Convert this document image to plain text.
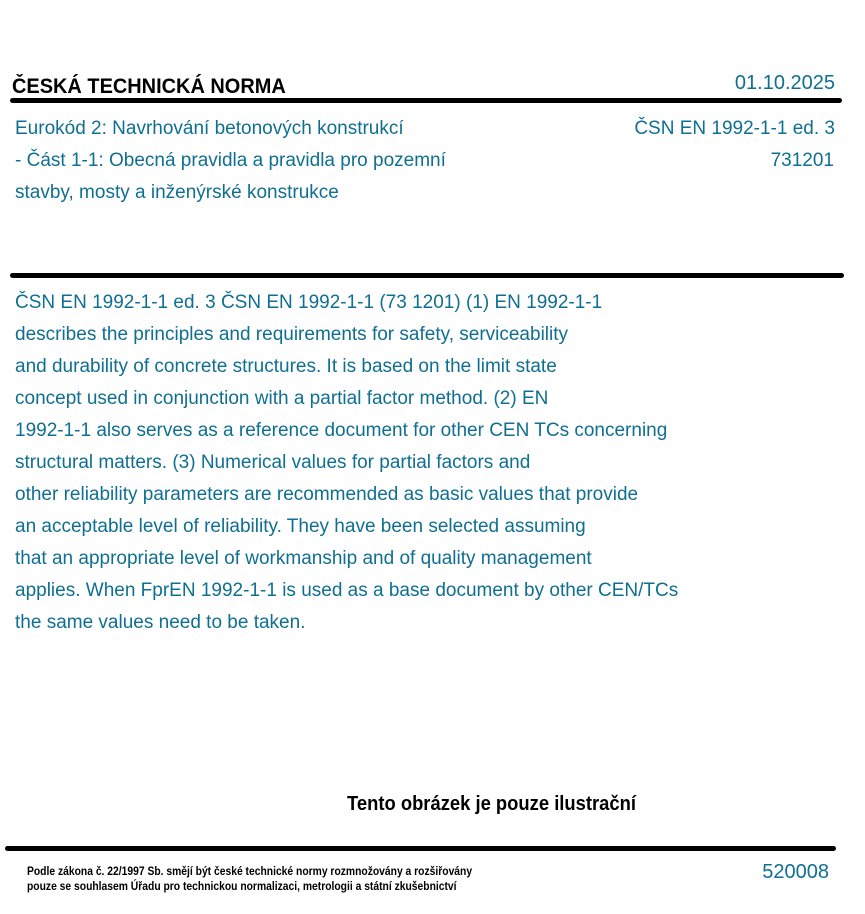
ČESKÁ TECHNICKÁ NORMA	01.10.2025
Eurokód 2: Navrhování betonových konstrukcí
- Část 1-1: Obecná pravidla a pravidla pro pozemní
stavby, mosty a inženýrské konstrukce
ČSN EN 1992-1-1 ed. 3
731201
ČSN EN 1992-1-1 ed. 3 ČSN EN 1992-1-1 (73 1201) (1) EN 1992-1-1
describes the principles and requirements for safety, serviceability
and durability of concrete structures. It is based on the limit state
concept used in conjunction with a partial factor method. (2) EN
1992-1-1 also serves as a reference document for other CEN TCs concerning
structural matters. (3) Numerical values for partial factors and
other reliability parameters are recommended as basic values that provide
an acceptable level of reliability. They have been selected assuming
that an appropriate level of workmanship and of quality management
applies. When FprEN 1992-1-1 is used as a base document by other CEN/TCs
the same values need to be taken.
Tento obrázek je pouze ilustrační
Podle zákona č. 22/1997 Sb. smějí být české technické normy rozmnožovány a rozšiřovány
pouze se souhlasem Úřadu pro technickou normalizaci, metrologii a státní zkušebnictví
520008
